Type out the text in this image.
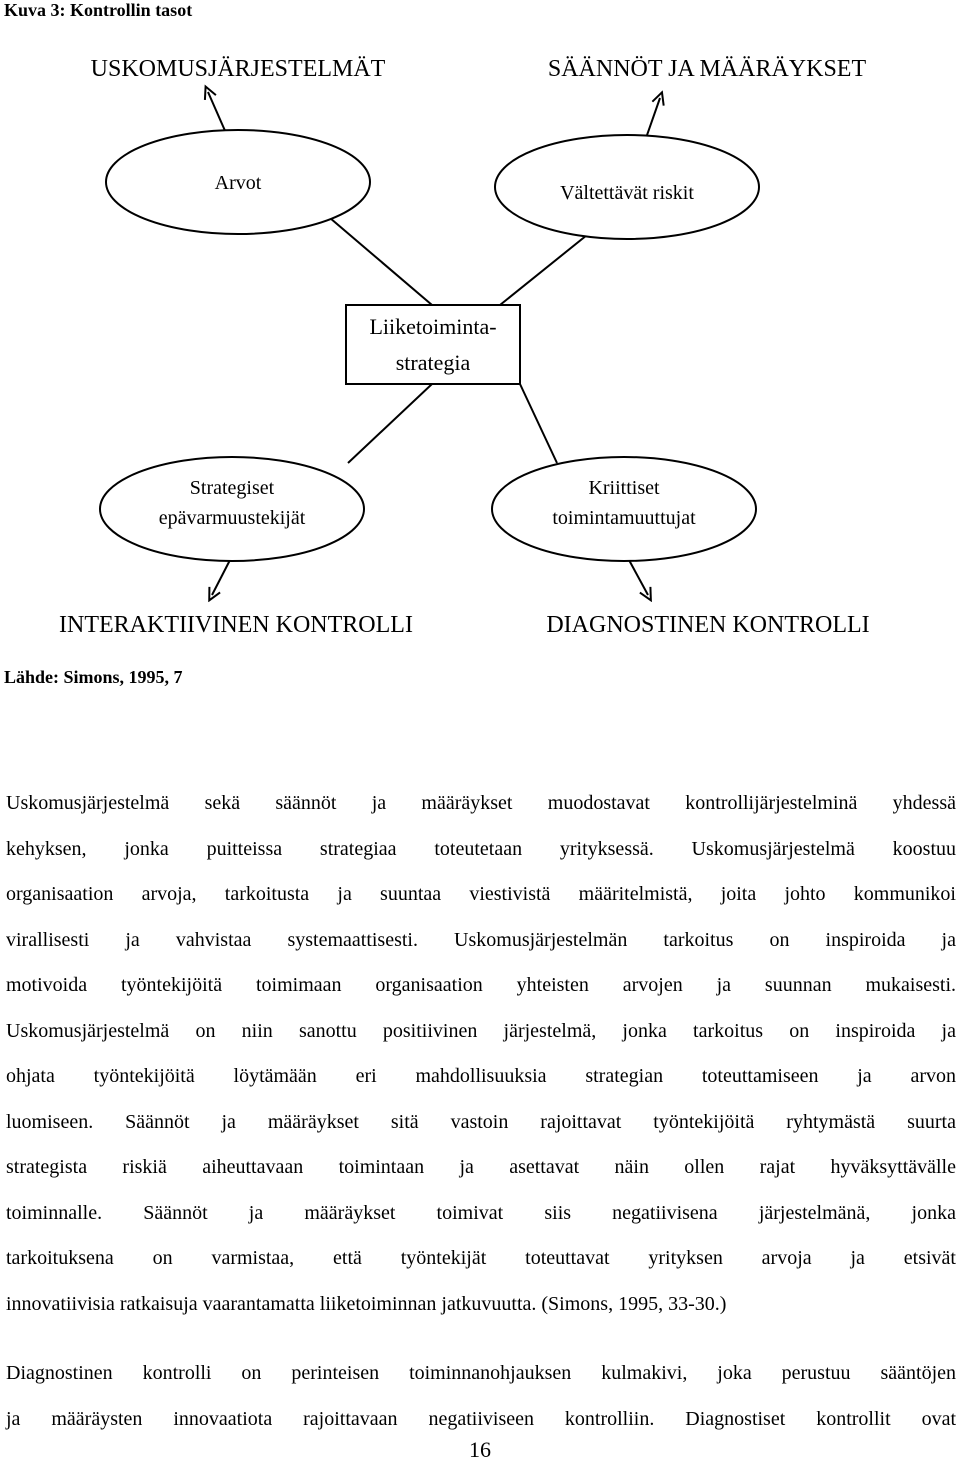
Kuva 3: Kontrollin tasot
USKOMUSJÄRJESTELMÄT	SÄÄNNÖT JA MÄÄRÄYKSET
Arvot	Vältettävät riskit
Strategiset
epävarmuustekijät
Kriittiset
toimintamuuttujat
Liiketoiminta-
strategia
INTERAKTIIVINEN KONTROLLI	DIAGNOSTINEN KONTROLLI
Lähde: Simons, 1995, 7
Uskomusjärjestelmä sekä säännöt ja määräykset muodostavat kontrollijärjestelminä yhdessä
kehyksen, jonka puitteissa strategiaa toteutetaan yrityksessä. Uskomusjärjestelmä koostuu
organisaation arvoja, tarkoitusta ja suuntaa viestivistä määritelmistä, joita johto kommunikoi
virallisesti ja vahvistaa systemaattisesti. Uskomusjärjestelmän tarkoitus on inspiroida ja
motivoida työntekijöitä toimimaan organisaation yhteisten arvojen ja suunnan mukaisesti.
Uskomusjärjestelmä on niin sanottu positiivinen järjestelmä, jonka tarkoitus on inspiroida ja
ohjata työntekijöitä löytämään eri mahdollisuuksia strategian toteuttamiseen ja arvon
luomiseen. Säännöt ja määräykset sitä vastoin rajoittavat työntekijöitä ryhtymästä suurta
strategista riskiä aiheuttavaan toimintaan ja asettavat näin ollen rajat hyväksyttävälle
toiminnalle. Säännöt ja määräykset toimivat siis negatiivisena järjestelmänä, jonka
tarkoituksena on varmistaa, että työntekijät toteuttavat yrityksen arvoja ja etsivät
innovatiivisia ratkaisuja vaarantamatta liiketoiminnan jatkuvuutta. (Simons, 1995, 33-30.)
Diagnostinen kontrolli on perinteisen toiminnanohjauksen kulmakivi, joka perustuu sääntöjen
ja määräysten innovaatiota rajoittavaan negatiiviseen kontrolliin. Diagnostiset kontrollit ovat
16
